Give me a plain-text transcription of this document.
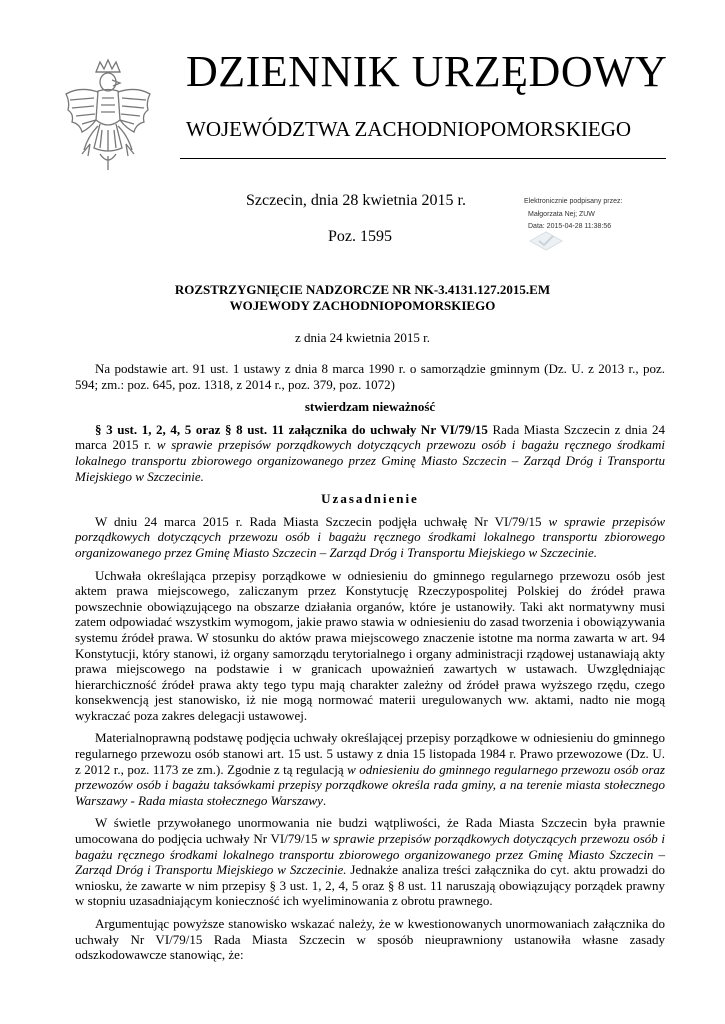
DZIENNIK URZĘDOWY
WOJEWÓDZTWA ZACHODNIOPOMORSKIEGO
Szczecin, dnia 28 kwietnia 2015 r.
Poz. 1595
Elektronicznie podpisany przez:
Małgorzata Nej; ZUW
Data: 2015-04-28 11:38:56
ROZSTRZYGNIĘCIE NADZORCZE NR NK-3.4131.127.2015.EM
WOJEWODY ZACHODNIOPOMORSKIEGO
z dnia 24 kwietnia 2015 r.

Na podstawie art. 91 ust. 1 ustawy z dnia 8 marca 1990 r. o samorządzie gminnym (Dz. U. z 2013 r., poz. 594; zm.: poz. 645, poz. 1318, z 2014 r., poz. 379, poz. 1072)

stwierdzam nieważność

§ 3 ust. 1, 2, 4, 5 oraz § 8 ust. 11 załącznika do uchwały Nr VI/79/15 Rada Miasta Szczecin z dnia 24 marca 2015 r. w sprawie przepisów porządkowych dotyczących przewozu osób i bagażu ręcznego środkami lokalnego transportu zbiorowego organizowanego przez Gminę Miasto Szczecin – Zarząd Dróg i Transportu Miejskiego w Szczecinie.

Uzasadnienie

W dniu 24 marca 2015 r. Rada Miasta Szczecin podjęła uchwałę Nr VI/79/15 w sprawie przepisów porządkowych dotyczących przewozu osób i bagażu ręcznego środkami lokalnego transportu zbiorowego organizowanego przez Gminę Miasto Szczecin – Zarząd Dróg i Transportu Miejskiego w Szczecinie.

Uchwała określająca przepisy porządkowe w odniesieniu do gminnego regularnego przewozu osób jest aktem prawa miejscowego, zaliczanym przez Konstytucję Rzeczypospolitej Polskiej do źródeł prawa powszechnie obowiązującego na obszarze działania organów, które je ustanowiły. Taki akt normatywny musi zatem odpowiadać wszystkim wymogom, jakie prawo stawia w odniesieniu do zasad tworzenia i obowiązywania systemu źródeł prawa. W stosunku do aktów prawa miejscowego znaczenie istotne ma norma zawarta w art. 94 Konstytucji, który stanowi, iż organy samorządu terytorialnego i organy administracji rządowej ustanawiają akty prawa miejscowego na podstawie i w granicach upoważnień zawartych w ustawach. Uwzględniając hierarchiczność źródeł prawa akty tego typu mają charakter zależny od źródeł prawa wyższego rzędu, czego konsekwencją jest stanowisko, iż nie mogą normować materii uregulowanych ww. aktami, nadto nie mogą wykraczać poza zakres delegacji ustawowej.

Materialnoprawną podstawę podjęcia uchwały określającej przepisy porządkowe w odniesieniu do gminnego regularnego przewozu osób stanowi art. 15 ust. 5 ustawy z dnia 15 listopada 1984 r. Prawo przewozowe (Dz. U. z 2012 r., poz. 1173 ze zm.). Zgodnie z tą regulacją w odniesieniu do gminnego regularnego przewozu osób oraz przewozów osób i bagażu taksówkami przepisy porządkowe określa rada gminy, a na terenie miasta stołecznego Warszawy - Rada miasta stołecznego Warszawy.

W świetle przywołanego unormowania nie budzi wątpliwości, że Rada Miasta Szczecin była prawnie umocowana do podjęcia uchwały Nr VI/79/15 w sprawie przepisów porządkowych dotyczących przewozu osób i bagażu ręcznego środkami lokalnego transportu zbiorowego organizowanego przez Gminę Miasto Szczecin – Zarząd Dróg i Transportu Miejskiego w Szczecinie. Jednakże analiza treści załącznika do cyt. aktu prowadzi do wniosku, że zawarte w nim przepisy § 3 ust. 1, 2, 4, 5 oraz § 8 ust. 11 naruszają obowiązujący porządek prawny w stopniu uzasadniającym konieczność ich wyeliminowania z obrotu prawnego.

Argumentując powyższe stanowisko wskazać należy, że w kwestionowanych unormowaniach załącznika do uchwały Nr VI/79/15 Rada Miasta Szczecin w sposób nieuprawniony ustanowiła własne zasady odszkodowawcze stanowiąc, że:
